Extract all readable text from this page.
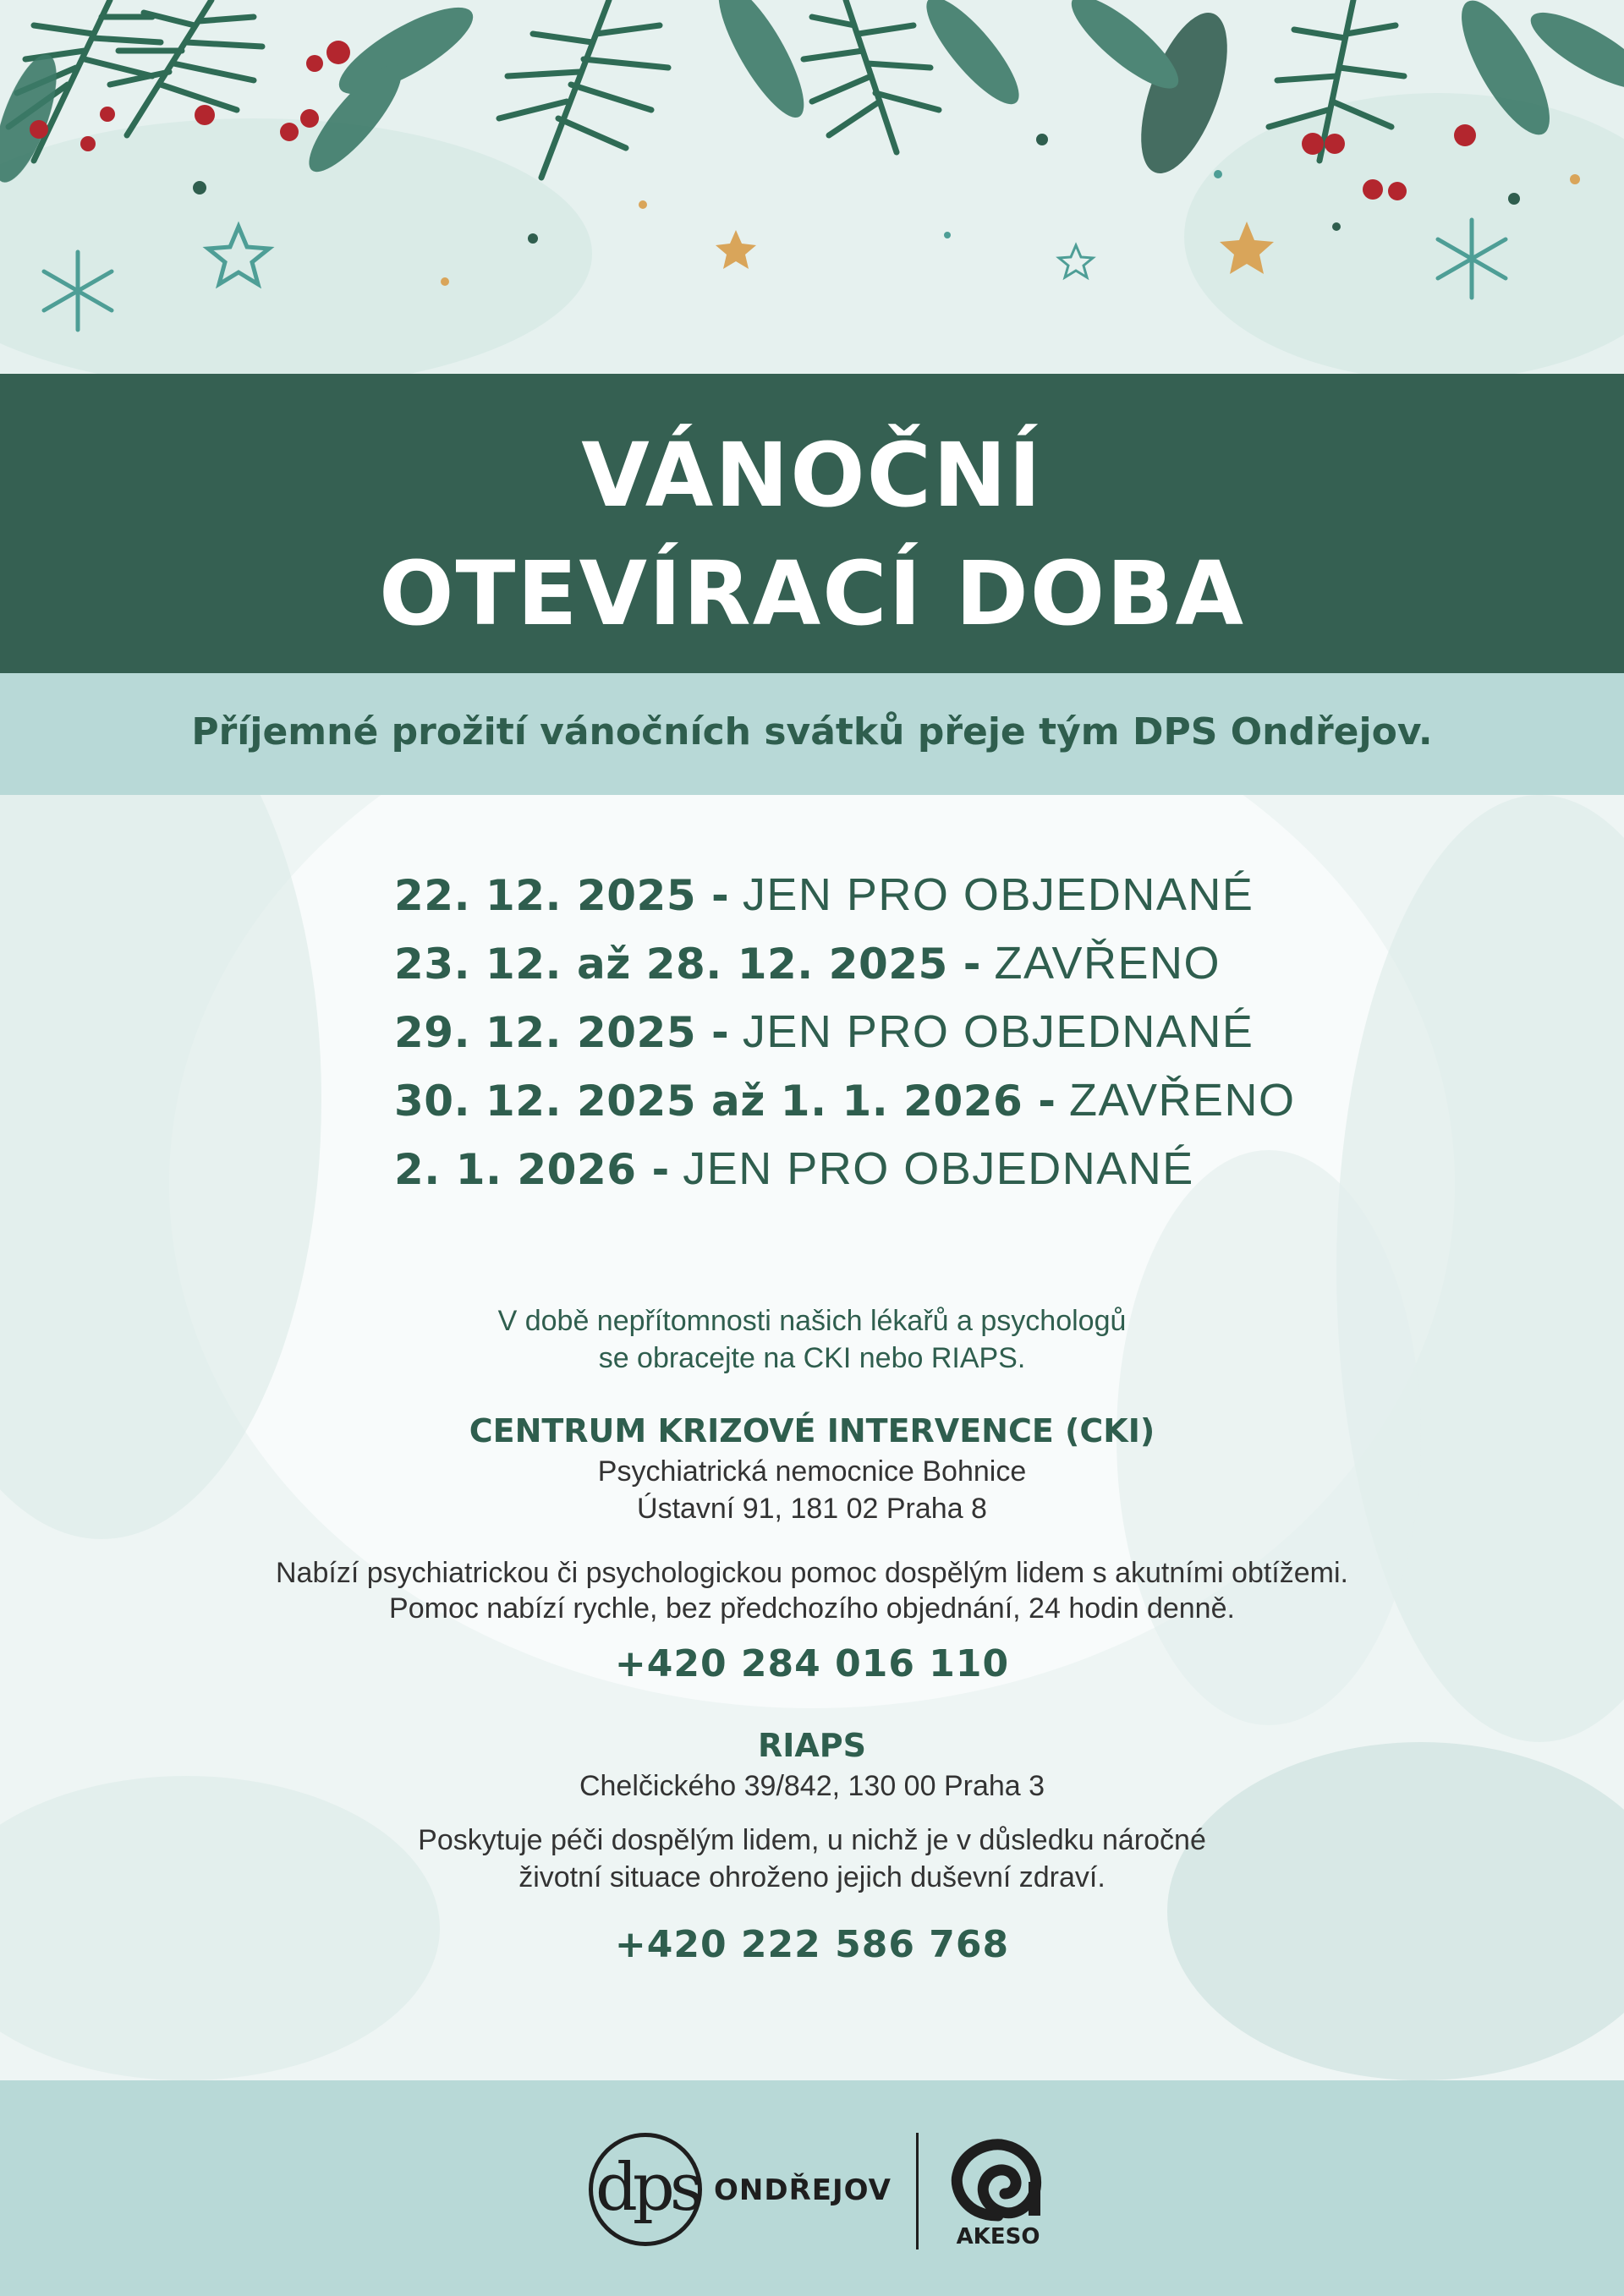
VÁNOČNÍ
OTEVÍRACÍ DOBA
Příjemné prožití vánočních svátků přeje tým DPS Ondřejov.
22. 12. 2025 - JEN PRO OBJEDNANÉ
23. 12. až 28. 12. 2025 - ZAVŘENO
29. 12. 2025 - JEN PRO OBJEDNANÉ
30. 12. 2025 až 1. 1. 2026 - ZAVŘENO
2. 1. 2026 - JEN PRO OBJEDNANÉ
V době nepřítomnosti našich lékařů a psychologů
se obracejte na CKI nebo RIAPS.
CENTRUM KRIZOVÉ INTERVENCE (CKI)
Psychiatrická nemocnice Bohnice
Ústavní 91, 181 02 Praha 8
Nabízí psychiatrickou či psychologickou pomoc dospělým lidem s akutními obtížemi.
Pomoc nabízí rychle, bez předchozího objednání, 24 hodin denně.
+420 284 016 110
RIAPS
Chelčického 39/842, 130 00 Praha 3
Poskytuje péči dospělým lidem, u nichž je v důsledku náročné
životní situace ohroženo jejich duševní zdraví.
+420 222 586 768
dps ONDŘEJOV
AKESO
